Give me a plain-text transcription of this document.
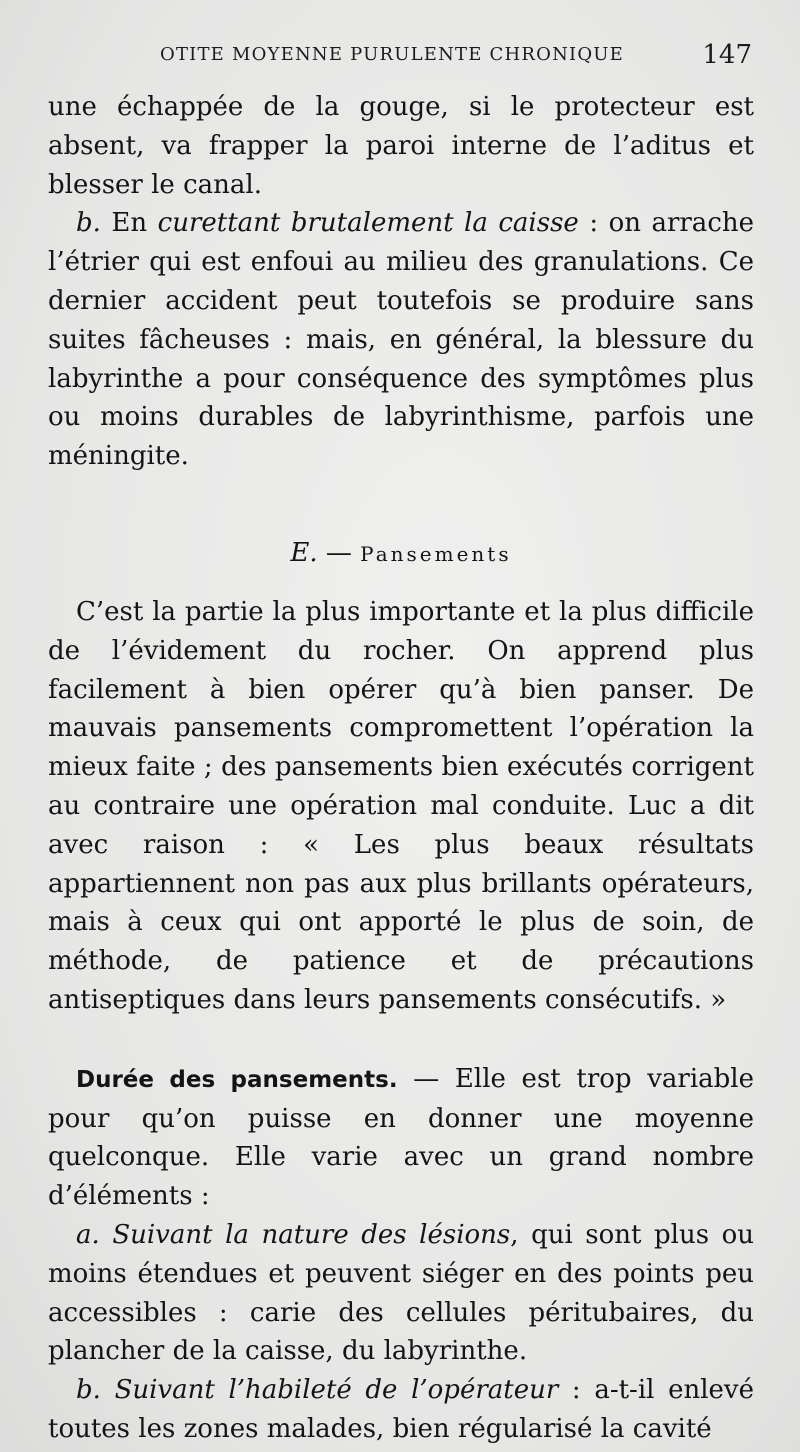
OTITE MOYENNE PURULENTE CHRONIQUE	147

une échappée de la gouge, si le protecteur est absent, va frapper la paroi interne de l’aditus et blesser le canal.

b. En curettant brutalement la caisse : on arrache l’étrier qui est enfoui au milieu des granulations. Ce dernier accident peut toutefois se produire sans suites fâcheuses : mais, en général, la blessure du labyrinthe a pour conséquence des symptômes plus ou moins durables de labyrinthisme, parfois une méningite.

E. — Pansements

C’est la partie la plus importante et la plus difficile de l’évidement du rocher. On apprend plus facilement à bien opérer qu’à bien panser. De mauvais pansements compromettent l’opération la mieux faite ; des pansements bien exécutés corrigent au contraire une opération mal conduite. Luc a dit avec raison : « Les plus beaux résultats appartiennent non pas aux plus brillants opérateurs, mais à ceux qui ont apporté le plus de soin, de méthode, de patience et de précautions antiseptiques dans leurs pansements consécutifs. »

Durée des pansements. — Elle est trop variable pour qu’on puisse en donner une moyenne quelconque. Elle varie avec un grand nombre d’éléments :

a. Suivant la nature des lésions, qui sont plus ou moins étendues et peuvent siéger en des points peu accessibles : carie des cellules péritubaires, du plancher de la caisse, du labyrinthe.

b. Suivant l’habileté de l’opérateur : a-t-il enlevé toutes les zones malades, bien régularisé la cavité
